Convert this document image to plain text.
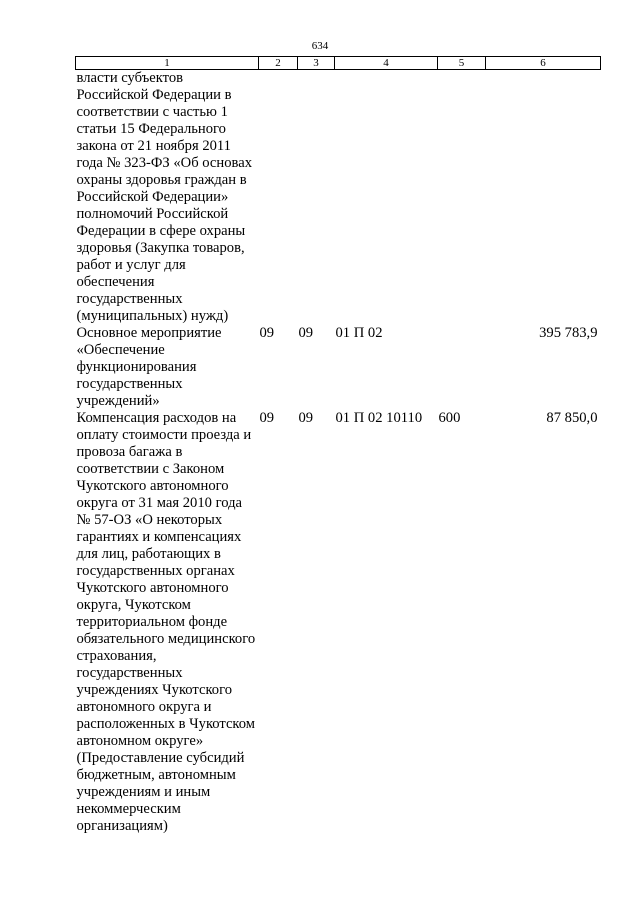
634
1	2	3	4	5	6
власти субъектов Российской Федерации в соответствии с частью 1 статьи 15 Федерального закона от 21 ноября 2011 года № 323-ФЗ «Об основах охраны здоровья граждан в Российской Федерации» полномочий Российской Федерации в сфере охраны здоровья (Закупка товаров, работ и услуг для обеспечения государственных (муниципальных) нужд)					
Основное мероприятие «Обеспечение функционирования государственных учреждений»	09	09	01 П 02		395 783,9
Компенсация расходов на оплату стоимости проезда и провоза багажа в соответствии с Законом Чукотского автономного округа от 31 мая 2010 года № 57-ОЗ «О некоторых гарантиях и компенсациях для лиц, работающих в государственных органах Чукотского автономного округа, Чукотском территориальном фонде обязательного медицинского страхования, государственных учреждениях Чукотского автономного округа и расположенных в Чукотском автономном округе» (Предоставление субсидий бюджетным, автономным учреждениям и иным некоммерческим организациям)	09	09	01 П 02 10110	600	87 850,0
